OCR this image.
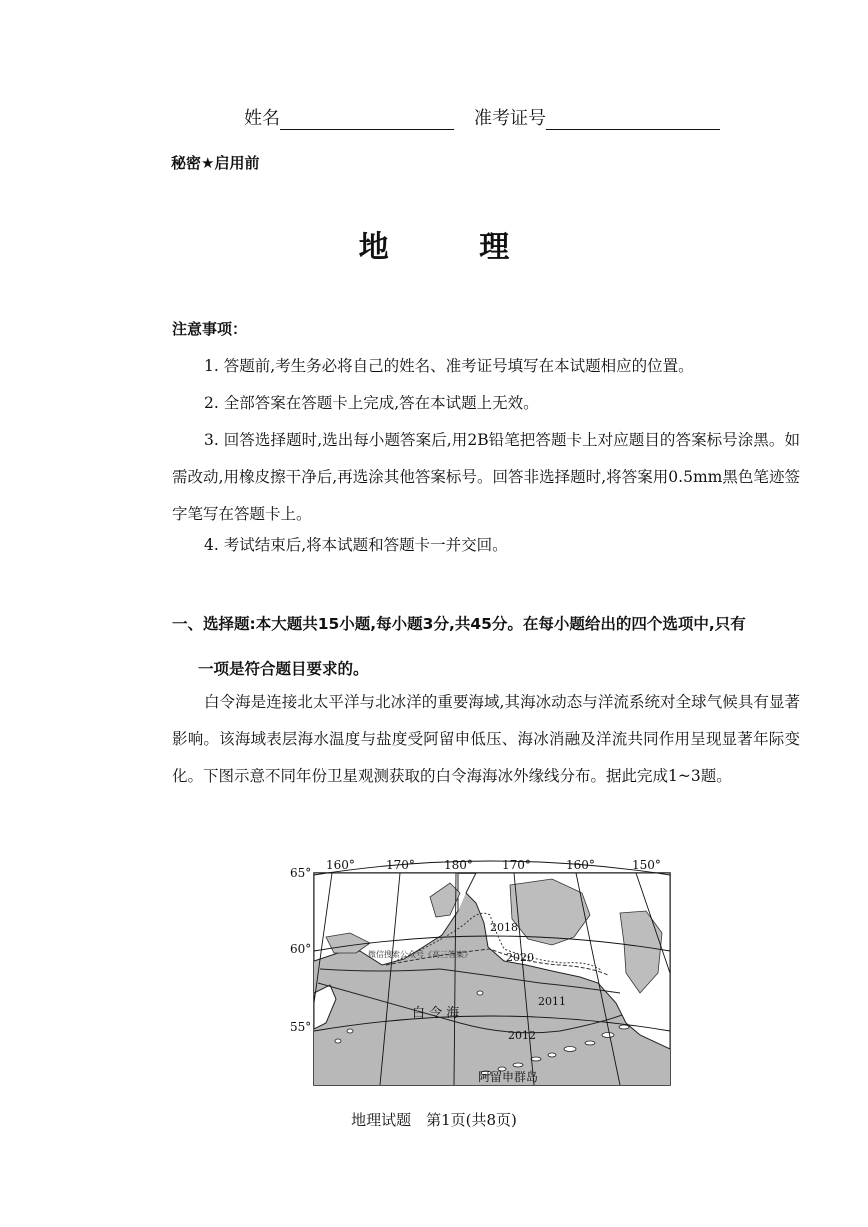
姓名	准考证号
秘密★启用前
地 理
注意事项：

1. 答题前,考生务必将自己的姓名、准考证号填写在本试题相应的位置。

2. 全部答案在答题卡上完成,答在本试题上无效。

3. 回答选择题时,选出每小题答案后,用2B铅笔把答题卡上对应题目的答案标号涂黑。如需改动,用橡皮擦干净后,再选涂其他答案标号。回答非选择题时,将答案用0.5mm黑色笔迹签字笔写在答题卡上。

4. 考试结束后,将本试题和答题卡一并交回。

一、选择题:本大题共15小题,每小题3分,共45分。在每小题给出的四个选项中,只有
一项是符合题目要求的。

白令海是连接北太平洋与北冰洋的重要海域,其海冰动态与洋流系统对全球气候具有显著影响。该海域表层海水温度与盐度受阿留申低压、海冰消融及洋流共同作用呈现显著年际变化。下图示意不同年份卫星观测获取的白令海海冰外缘线分布。据此完成1~3题。

160°	170° 180° 170°	160°	150°
65°
60°
55°
白 令 海
阿留申群岛
2018
2020
2011
2012
微信搜索公众号《高三答案》
地理试题　第1页(共8页)
